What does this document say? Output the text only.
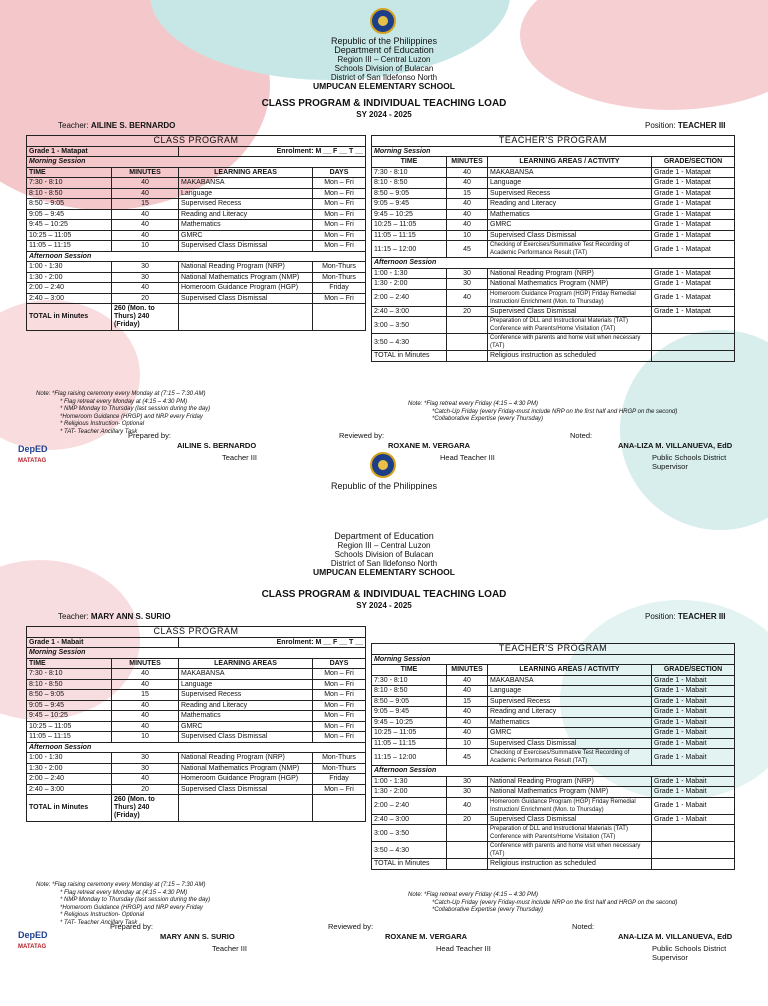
Republic of the Philippines
Department of Education
Region III – Central Luzon
Schools Division of Bulacan
District of San Ildefonso North
UMPUCAN ELEMENTARY SCHOOL
CLASS PROGRAM & INDIVIDUAL TEACHING LOAD
SY 2024 - 2025
Teacher: AILINE S. BERNARDO	Position: TEACHER III
CLASS PROGRAM			
Grade 1 - Matapat		Enrolment: M __ F __ T __	
Morning Session			
TIME	MINUTES	LEARNING AREAS	DAYS
7:30 - 8:10	40	MAKABANSA	Mon – Fri
8:10 - 8:50	40	Language	Mon – Fri
8:50 – 9:05	15	Supervised Recess	Mon – Fri
9:05 – 9:45	40	Reading and Literacy	Mon – Fri
9:45 – 10:25	40	Mathematics	Mon – Fri
10:25 – 11:05	40	GMRC	Mon – Fri
11:05 – 11:15	10	Supervised Class Dismissal	Mon – Fri
Afternoon Session			
1:00 - 1:30	30	National Reading Program (NRP)	Mon-Thurs
1:30 - 2:00	30	National Mathematics Program (NMP)	Mon-Thurs
2:00 – 2:40	40	Homeroom Guidance Program (HGP)	Friday
2:40 – 3:00	20	Supervised Class Dismissal	Mon – Fri
TOTAL in Minutes	260 (Mon. to Thurs) 240 (Friday)		
TEACHER'S PROGRAM			
Morning Session			
TIME	MINUTES	LEARNING AREAS / ACTIVITY	GRADE/SECTION
7:30 - 8:10	40	MAKABANSA	Grade 1 - Matapat
8:10 - 8:50	40	Language	Grade 1 - Matapat
8:50 – 9:05	15	Supervised Recess	Grade 1 - Matapat
9:05 – 9:45	40	Reading and Literacy	Grade 1 - Matapat
9:45 – 10:25	40	Mathematics	Grade 1 - Matapat
10:25 – 11:05	40	GMRC	Grade 1 - Matapat
11:05 – 11:15	10	Supervised Class Dismissal	Grade 1 - Matapat
11:15 – 12:00	45	Checking of Exercises/Summative Test Recording of Academic Performance Result (TAT)	Grade 1 - Matapat
Afternoon Session			
1:00 - 1:30	30	National Reading Program (NRP)	Grade 1 - Matapat
1:30 - 2:00	30	National Mathematics Program (NMP)	Grade 1 - Matapat
2:00 – 2:40	40	Homeroom Guidance Program (HGP) Friday Remedial Instruction/ Enrichment (Mon. to Thursday)	Grade 1 - Matapat
2:40 – 3:00	20	Supervised Class Dismissal	Grade 1 - Matapat
3:00 – 3:50		Preparation of DLL and Instructional Materials (TAT) Conference with Parents/Home Visitation (TAT)	
3:50 – 4:30		Conference with parents and home visit when necessary (TAT)	
TOTAL in Minutes		Religious instruction as scheduled	
Note: *Flag raising ceremony every Monday at (7:15 – 7:30 AM)
* Flag retreat every Monday at (4:15 – 4:30 PM)
* NMP Monday to Thursday (last session during the day)
*Homeroom Guidance (HRGP) and NRP every Friday
* Religious Instruction- Optional
* TAT- Teacher Ancillary Task
Note: *Flag retreat every Friday (4:15 – 4:30 PM)
*Catch-Up Friday (every Friday-must include NRP on the first half and HRGP on the second)
*Collaborative Expertise (every Thursday)
Prepared by:
AILINE S. BERNARDO
Teacher III
Reviewed by:
ROXANE M. VERGARA
Head Teacher III
Noted:
ANA-LIZA M. VILLANUEVA, EdD
Public Schools District Supervisor
DepED
MATATAG
Republic of the Philippines
Department of Education
Region III – Central Luzon
Schools Division of Bulacan
District of San Ildefonso North
UMPUCAN ELEMENTARY SCHOOL
CLASS PROGRAM & INDIVIDUAL TEACHING LOAD
SY 2024 - 2025
Teacher: MARY ANN S. SURIO	Position: TEACHER III
CLASS PROGRAM			
Grade 1 - Mabait		Enrolment: M __ F __ T __	
Morning Session			
TIME	MINUTES	LEARNING AREAS	DAYS
7:30 - 8:10	40	MAKABANSA	Mon – Fri
8:10 - 8:50	40	Language	Mon – Fri
8:50 – 9:05	15	Supervised Recess	Mon – Fri
9:05 – 9:45	40	Reading and Literacy	Mon – Fri
9:45 – 10:25	40	Mathematics	Mon – Fri
10:25 – 11:05	40	GMRC	Mon – Fri
11:05 – 11:15	10	Supervised Class Dismissal	Mon – Fri
Afternoon Session			
1:00 - 1:30	30	National Reading Program (NRP)	Mon-Thurs
1:30 - 2:00	30	National Mathematics Program (NMP)	Mon-Thurs
2:00 – 2:40	40	Homeroom Guidance Program (HGP)	Friday
2:40 – 3:00	20	Supervised Class Dismissal	Mon – Fri
TOTAL in Minutes	260 (Mon. to Thurs) 240 (Friday)		
TEACHER'S PROGRAM			
Morning Session			
TIME	MINUTES	LEARNING AREAS / ACTIVITY	GRADE/SECTION
7:30 - 8:10	40	MAKABANSA	Grade 1 - Mabait
8:10 - 8:50	40	Language	Grade 1 - Mabait
8:50 – 9:05	15	Supervised Recess	Grade 1 - Mabait
9:05 – 9:45	40	Reading and Literacy	Grade 1 - Mabait
9:45 – 10:25	40	Mathematics	Grade 1 - Mabait
10:25 – 11:05	40	GMRC	Grade 1 - Mabait
11:05 – 11:15	10	Supervised Class Dismissal	Grade 1 - Mabait
11:15 – 12:00	45	Checking of Exercises/Summative Test Recording of Academic Performance Result (TAT)	Grade 1 - Mabait
Afternoon Session			
1:00 - 1:30	30	National Reading Program (NRP)	Grade 1 - Mabait
1:30 - 2:00	30	National Mathematics Program (NMP)	Grade 1 - Mabait
2:00 – 2:40	40	Homeroom Guidance Program (HGP) Friday Remedial Instruction/ Enrichment (Mon. to Thursday)	Grade 1 - Mabait
2:40 – 3:00	20	Supervised Class Dismissal	Grade 1 - Mabait
3:00 – 3:50		Preparation of DLL and Instructional Materials (TAT) Conference with Parents/Home Visitation (TAT)	
3:50 – 4:30		Conference with parents and home visit when necessary (TAT)	
TOTAL in Minutes		Religious instruction as scheduled	
Note: *Flag raising ceremony every Monday at (7:15 – 7:30 AM)
* Flag retreat every Monday at (4:15 – 4:30 PM)
* NMP Monday to Thursday (last session during the day)
*Homeroom Guidance (HRGP) and NRP every Friday
* Religious Instruction- Optional
* TAT- Teacher Ancillary Task
Note: *Flag retreat every Friday (4:15 – 4:30 PM)
*Catch-Up Friday (every Friday-must include NRP on the first half and HRGP on the second)
*Collaborative Expertise (every Thursday)
Prepared by:
MARY ANN S. SURIO
Teacher III
Reviewed by:
ROXANE M. VERGARA
Head Teacher III
Noted:
ANA-LIZA M. VILLANUEVA, EdD
Public Schools District Supervisor
DepED
MATATAG
